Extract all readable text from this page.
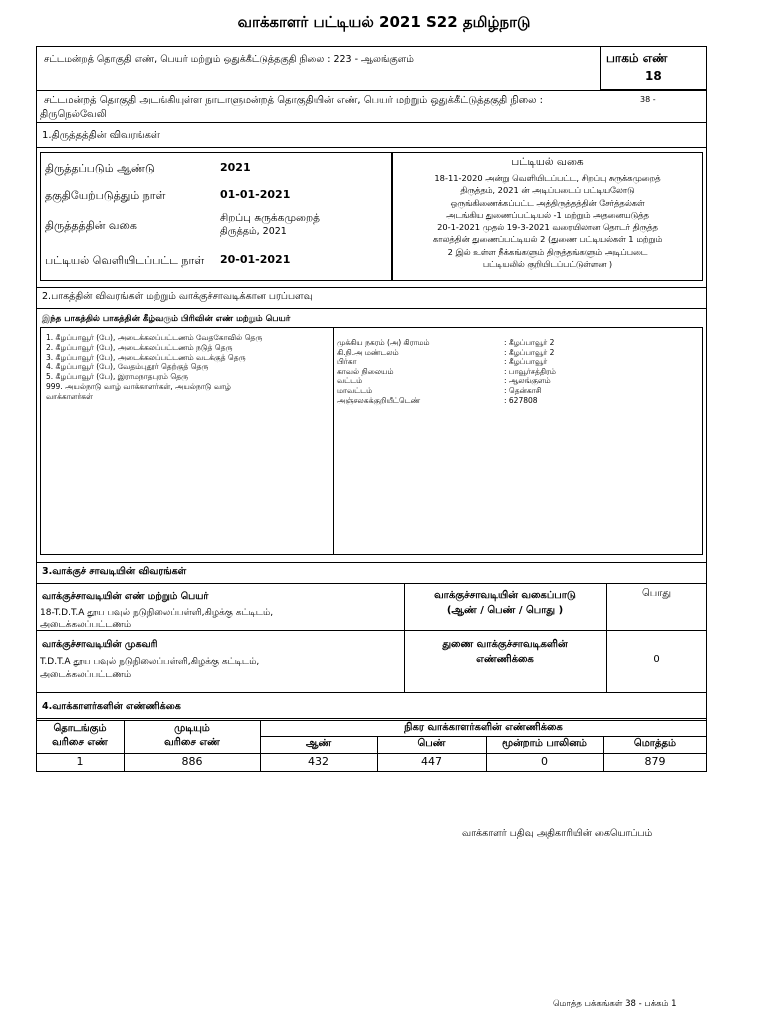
வாக்காளர் பட்டியல் 2021 S22 தமிழ்நாடு
சட்டமன்றத் தொகுதி எண், பெயர் மற்றும் ஒதுக்கீட்டுத்தகுதி நிலை : 223 - ஆலங்குளம்	பாகம் எண்
18
சட்டமன்றத் தொகுதி அடங்கியுள்ள நாடாளுமன்றத் தொகுதியின் எண், பெயர் மற்றும் ஒதுக்கீட்டுத்தகுதி நிலை :	38 -
திருநெல்வேலி
1.திருத்தத்தின் விவரங்கள்
திருத்தப்படும் ஆண்டு	2021
தகுதியேற்படுத்தும் நாள்	01-01-2021
திருத்தத்தின் வகை
சிறப்பு சுருக்கமுறைத்
திருத்தம், 2021
பட்டியல் வெளியிடப்பட்ட நாள் 20-01-2021
பட்டியல் வகை
18-11-2020 அன்று வெளியிடப்பட்ட, சிறப்பு சுருக்கமுறைத்
திருத்தம், 2021 ன் அடிப்படைப் பட்டியலோடு
ஒருங்கிணைக்கப்பட்ட அத்திருத்தத்தின் சேர்த்தல்கள்
அடங்கிய துணைப்பட்டியல் -1 மற்றும் அதனையடுத்த
20-1-2021 முதல் 19-3-2021 வரையிலான தொடர் திருத்த
காலத்தின் துணைப்பட்டியல் 2 (துணை பட்டியல்கள் 1 மற்றும்
2 இல் உள்ள நீக்கங்களும் திருத்தங்களும் அடிப்படை
பட்டியலில் குறியிடப்பட்டுள்ளன )
2.பாகத்தின் விவரங்கள் மற்றும் வாக்குச்சாவடிக்கான பரப்பளவு
இந்த பாகத்தில் பாகத்தின் கீழ்வரும் பிரிவின் எண் மற்றும் பெயர்
1. கீழப்பாவூர் (பே), அடைக்கலப்பட்டணம் வேதகோவில் தெரு
2. கீழப்பாவூர் (பே), அடைக்கலப்பட்டணம் நடுத் தெரு
3. கீழப்பாவூர் (பே), அடைக்கலப்பட்டணம் வடக்குத் தெரு
4. கீழப்பாவூர் (பே), வேதம்புதூர் தெற்குத் தெரு
5. கீழப்பாவூர் (பே), இராமநாதபுரம் தெரு
999. அயல்நாடு வாழ் வாக்காளர்கள், அயல்நாடு வாழ்
வாக்காளர்கள்
முக்கிய நகரம் (அ) கிராமம்	: கீழப்பாவூர் 2
கி.நி.அ மண்டலம்	: கீழப்பாவூர் 2
பிர்கா	: கீழப்பாவூர்
காவல் நிலையம்	: பாவூர்சத்திரம்
வட்டம்	: ஆலங்குளம்
மாவட்டம்	: தென்காசி
அஞ்சலகக்குறியீட்டெண்	: 627808
3.வாக்குச் சாவடியின் விவரங்கள்
வாக்குச்சாவடியின் எண் மற்றும் பெயர்
18-T.D.T.A தூய பவுல் நடுநிலைப்பள்ளி,கிழக்கு கட்டிடம்,
அடைக்கலப்பட்டணம்
வாக்குச்சாவடியின் முகவரி
T.D.T.A தூய பவுல் நடுநிலைப்பள்ளி,கிழக்கு கட்டிடம்,
அடைக்கலப்பட்டணம்
வாக்குச்சாவடியின் வகைப்பாடு
(ஆண் / பெண் / பொது )
பொது
துணை வாக்குச்சாவடிகளின்
எண்ணிக்கை	0
4.வாக்காளர்களின் எண்ணிக்கை
தொடங்கும்
வரிசை எண்
முடியும்
வரிசை எண்
நிகர வாக்காளர்களின் எண்ணிக்கை
ஆண்	பெண்	மூன்றாம் பாலினம்	மொத்தம்
1	886	432	447	0	879
வாக்காளர் பதிவு அதிகாரியின் கையொப்பம்
மொத்த பக்கங்கள் 38 - பக்கம் 1
